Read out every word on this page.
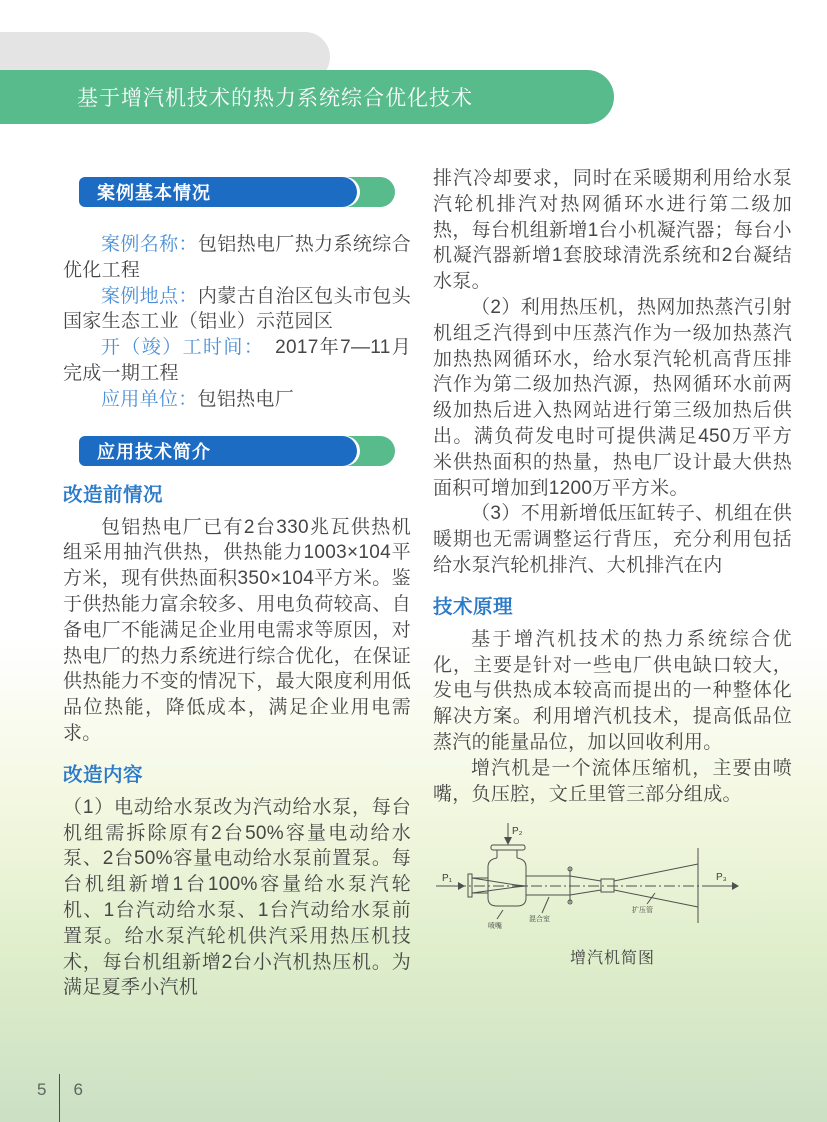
基于增汽机技术的热力系统综合优化技术
案例基本情况

案例名称：包铝热电厂热力系统综合优化工程

案例地点：内蒙古自治区包头市包头国家生态工业（铝业）示范园区

开（竣）工时间：　2017年7—11月完成一期工程

应用单位：包铝热电厂

应用技术简介
改造前情况

包铝热电厂已有2台330兆瓦供热机组采用抽汽供热，供热能力1003×104平方米，现有供热面积350×104平方米。鉴于供热能力富余较多、用电负荷较高、自备电厂不能满足企业用电需求等原因，对热电厂的热力系统进行综合优化，在保证供热能力不变的情况下，最大限度利用低品位热能，降低成本，满足企业用电需求。

改造内容

（1）电动给水泵改为汽动给水泵，每台机组需拆除原有2台50%容量电动给水泵、2台50%容量电动给水泵前置泵。每台机组新增1台100%容量给水泵汽轮机、1台汽动给水泵、1台汽动给水泵前置泵。给水泵汽轮机供汽采用热压机技术，每台机组新增2台小汽机热压机。为满足夏季小汽机

排汽冷却要求，同时在采暖期利用给水泵汽轮机排汽对热网循环水进行第二级加热，每台机组新增1台小机凝汽器；每台小机凝汽器新增1套胶球清洗系统和2台凝结水泵。

（2）利用热压机，热网加热蒸汽引射机组乏汽得到中压蒸汽作为一级加热蒸汽加热热网循环水，给水泵汽轮机高背压排汽作为第二级加热汽源，热网循环水前两级加热后进入热网站进行第三级加热后供出。满负荷发电时可提供满足450万平方米供热面积的热量，热电厂设计最大供热面积可增加到1200万平方米。

（3）不用新增低压缸转子、机组在供暖期也无需调整运行背压，充分利用包括给水泵汽轮机排汽、大机排汽在内

技术原理

基于增汽机技术的热力系统综合优化，主要是针对一些电厂供电缺口较大，发电与供热成本较高而提出的一种整体化解决方案。利用增汽机技术，提高低品位蒸汽的能量品位，加以回收利用。

增汽机是一个流体压缩机，主要由喷嘴，负压腔，文丘里管三部分组成。

P₂
P₁	P₃
喷嘴
混合室
扩压管
增汽机简图
5 6
